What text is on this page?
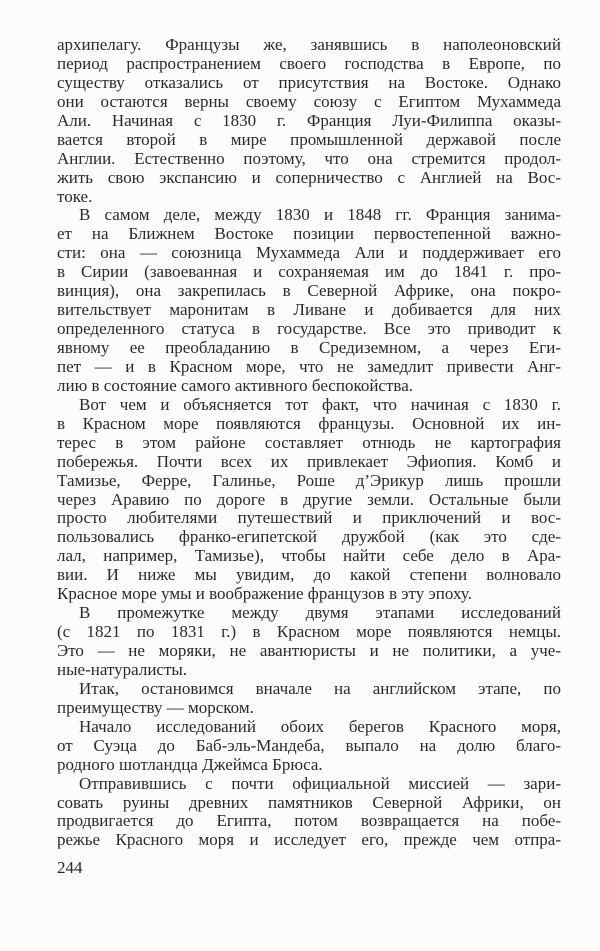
архипелагу. Французы же, занявшись в наполеоновский
период распространением своего господства в Европе, по
существу отказались от присутствия на Востоке. Однако
они остаются верны своему союзу с Египтом Мухаммеда
Али. Начиная с 1830 г. Франция Луи-Филиппа оказы-
вается второй в мире промышленной державой после
Англии. Естественно поэтому, что она стремится продол-
жить свою экспансию и соперничество с Англией на Вос-
токе.
В самом деле, между 1830 и 1848 гг. Франция занима-
ет на Ближнем Востоке позиции первостепенной важно-
сти: она — союзница Мухаммеда Али и поддерживает его
в Сирии (завоеванная и сохраняемая им до 1841 г. про-
винция), она закрепилась в Северной Африке, она покро-
вительствует маронитам в Ливане и добивается для них
определенного статуса в государстве. Все это приводит к
явному ее преобладанию в Средиземном, а через Еги-
пет — и в Красном море, что не замедлит привести Анг-
лию в состояние самого активного беспокойства.
Вот чем и объясняется тот факт, что начиная с 1830 г.
в Красном море появляются французы. Основной их ин-
терес в этом районе составляет отнюдь не картография
побережья. Почти всех их привлекает Эфиопия. Комб и
Тамизье, Ферре, Галинье, Роше д’Эрикур лишь прошли
через Аравию по дороге в другие земли. Остальные были
просто любителями путешествий и приключений и вос-
пользовались франко-египетской дружбой (как это сде-
лал, например, Тамизье), чтобы найти себе дело в Ара-
вии. И ниже мы увидим, до какой степени волновало
Красное море умы и воображение французов в эту эпоху.
В промежутке между двумя этапами исследований
(с 1821 по 1831 г.) в Красном море появляются немцы.
Это — не моряки, не авантюристы и не политики, а уче-
ные-натуралисты.
Итак, остановимся вначале на английском этапе, по
преимуществу — морском.
Начало исследований обоих берегов Красного моря,
от Суэца до Баб-эль-Мандеба, выпало на долю благо-
родного шотландца Джеймса Брюса.
Отправившись с почти официальной миссией — зари-
совать руины древних памятников Северной Африки, он
продвигается до Египта, потом возвращается на побе-
режье Красного моря и исследует его, прежде чем отпра-
244
